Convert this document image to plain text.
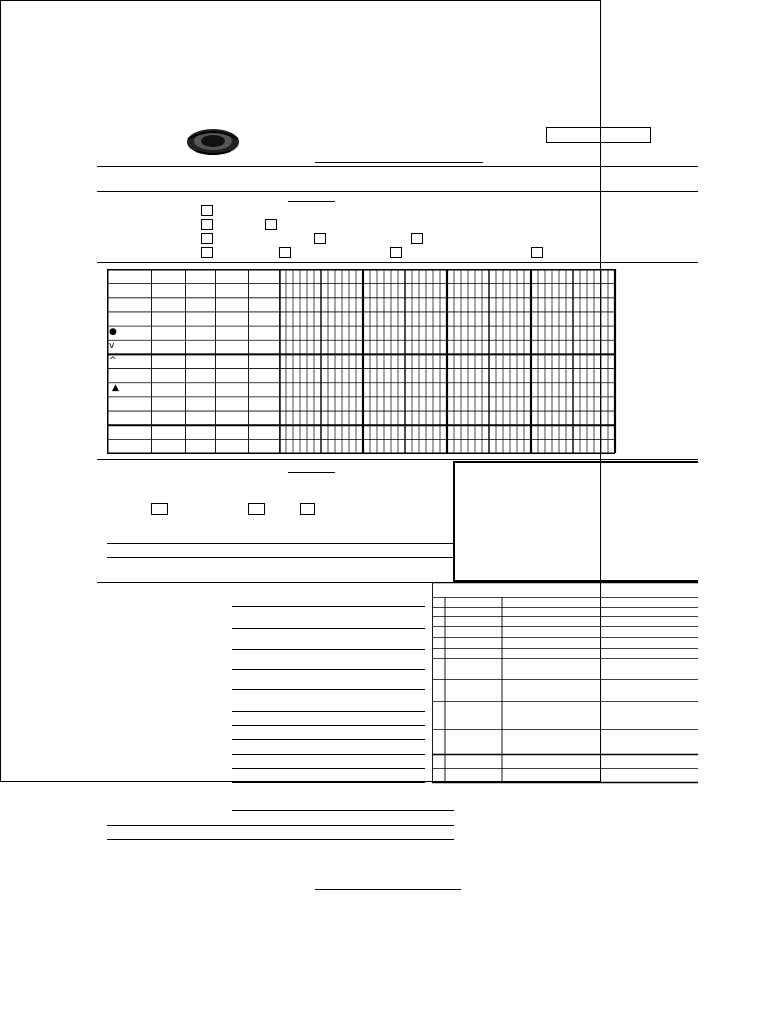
●
v
^
▲
